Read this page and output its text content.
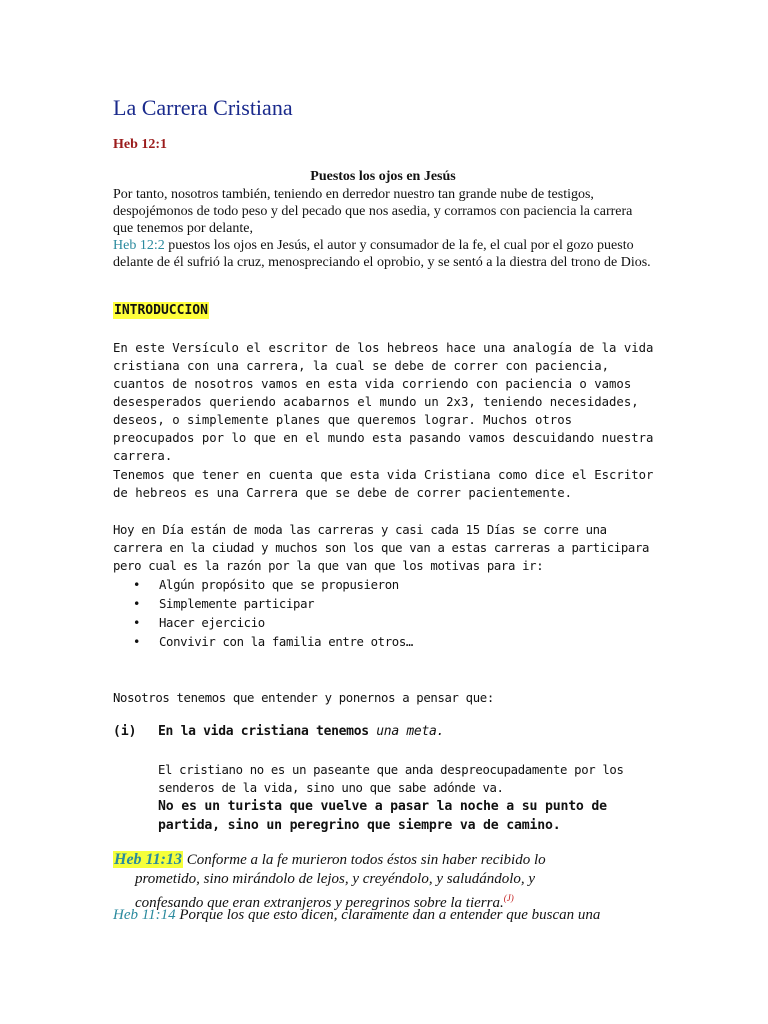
La Carrera Cristiana
Heb 12:1
Puestos los ojos en Jesús
Por tanto, nosotros también, teniendo en derredor nuestro tan grande nube de testigos, despojémonos de todo peso y del pecado que nos asedia, y corramos con paciencia la carrera que tenemos por delante,
Heb 12:2 puestos los ojos en Jesús, el autor y consumador de la fe, el cual por el gozo puesto delante de él sufrió la cruz, menospreciando el oprobio, y se sentó a la diestra del trono de Dios.
INTRODUCCION
En este Versículo el escritor de los hebreos hace una analogía de la vida cristiana con una carrera, la cual se debe de correr con paciencia, cuantos de nosotros vamos en esta vida corriendo con paciencia o vamos desesperados queriendo acabarnos el mundo un 2x3, teniendo necesidades, deseos, o simplemente planes que queremos lograr. Muchos otros preocupados por lo que en el mundo esta pasando vamos descuidando nuestra carrera.
Tenemos que tener en cuenta que esta vida Cristiana como dice el Escritor de hebreos es una Carrera que se debe de correr pacientemente.
Hoy en Día están de moda las carreras y casi cada 15 Días se corre una carrera en la ciudad y muchos son los que van a estas carreras a participara pero cual es la razón por la que van que los motivas para ir:
• Algún propósito que se propusieron
• Simplemente participar
• Hacer ejercicio
• Convivir con la familia entre otros…
Nosotros tenemos que entender y ponernos a pensar que:
(i) En la vida cristiana tenemos una meta.
El cristiano no es un paseante que anda despreocupadamente por los senderos de la vida, sino uno que sabe adónde va.
No es un turista que vuelve a pasar la noche a su punto de partida, sino un peregrino que siempre va de camino.
Heb 11:13 Conforme a la fe murieron todos éstos sin haber recibido lo
prometido, sino mirándolo de lejos, y creyéndolo, y saludándolo, y
confesando que eran extranjeros y peregrinos sobre la tierra.$^{(J)}$
Heb 11:14 Porque los que esto dicen, claramente dan a entender que buscan una
